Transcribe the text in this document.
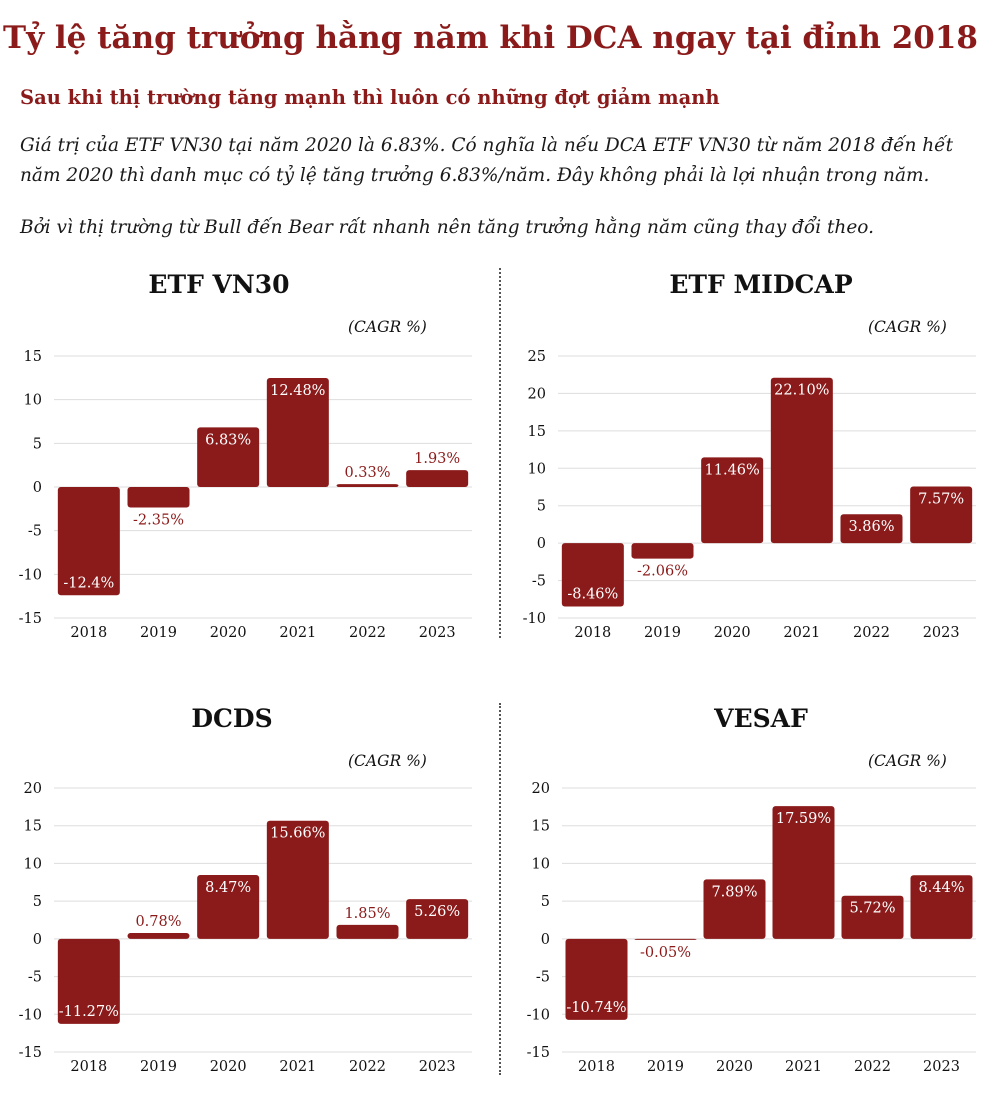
Tỷ lệ tăng trưởng hằng năm khi DCA ngay tại đỉnh 2018
Sau khi thị trường tăng mạnh thì luôn có những đợt giảm mạnh

Giá trị của ETF VN30 tại năm 2020 là 6.83%. Có nghĩa là nếu DCA ETF VN30 từ năm 2018 đến hết năm 2020 thì danh mục có tỷ lệ tăng trưởng 6.83%/năm. Đây không phải là lợi nhuận trong năm.

Bởi vì thị trường từ Bull đến Bear rất nhanh nên tăng trưởng hằng năm cũng thay đổi theo.

ETF VN30
(CAGR %)
15
10
5
0
-5
-10
-15
-12.4%
2018
-2.35%
2019
6.83%
2020
12.48%
2021
0.33%
2022
1.93%
2023
ETF MIDCAP
(CAGR %)
25
20
15
10
5
0
-5
-10
-8.46%
2018
-2.06%
2019
11.46%
2020
22.10%
2021
3.86%
2022
7.57%
2023
DCDS
(CAGR %)
20
15
10
5
0
-5
-10
-15
-11.27%
2018
0.78%
2019
8.47%
2020
15.66%
2021
1.85%
2022
5.26%
2023
VESAF
(CAGR %)
20
15
10
5
0
-5
-10
-15
-10.74%
2018
-0.05%
2019
7.89%
2020
17.59%
2021
5.72%
2022
8.44%
2023
